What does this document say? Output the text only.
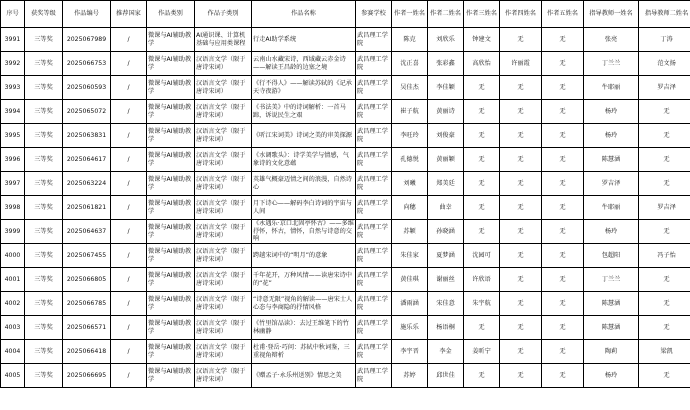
序号	获奖等级	作品编号	推荐国家	作品类别	作品子类别	作品名称	参赛学校	作者一姓名	作者二姓名	作者三姓名	作者四姓名	作者五姓名	指导教师一姓名	指导教师二姓名
3991	三等奖	2025067989	/	微课与AI辅助教学	AI通识课、计算机基础与应用类课程	行走AI助学系统	武昌理工学院	陈克	刘欣乐	钟建文	无	无	张亮	丁涛
3992	三等奖	2025066753	/	微课与AI辅助教学	汉语言文学（限于唐诗宋词）	云南山水藏宋诗，西域藏云赤金诗——解读王昌龄的边塞之境	武昌理工学院	沈正喜	张彩鑫	高欣怡	许丽霞	无	丁兰兰	范文扬
3993	三等奖	2025060593	/	微课与AI辅助教学	汉语言文学（限于唐诗宋词）	《行不得人》——解读苏轼的《记承天寺夜游》	武昌理工学院	吴佳杰	李佳颖	无	无	无	牛耶丽	罗吉泽
3994	三等奖	2025065072	/	微课与AI辅助教学	汉语言文学（限于唐诗宋词）	《书法美》中的诗词解析：一首马蹄，诉说民生之艰	武昌理工学院	崔子航	黄丽诗	无	无	无	杨玲	无
3995	三等奖	2025063831	/	微课与AI辅助教学	汉语言文学（限于唐诗宋词）	《听江宋词美》诗词之美的审美探源	武昌理工学院	李旺玲	刘俊豪	无	无	无	杨玲	无
3996	三等奖	2025064617	/	微课与AI辅助教学	汉语言文学（限于唐诗宋词）	《水调歌头》：诗学美学与情感，气象诗的文化意蕴	武昌理工学院	孔德悦	黄丽颖	无	无	无	陈慧涵	无
3997	三等奖	2025063224	/	微课与AI辅助教学	汉语言文学（限于唐诗宋词）	英雄气概豪迈情之间的浪漫，自然诗心	武昌理工学院	刘曦	郑美廷	无	无	无	罗吉泽	无
3998	三等奖	2025061821	/	微课与AI辅助教学	汉语言文学（限于唐诗宋词）	月下诗心——解码李白诗词的宇宙与人间	武昌理工学院	向穗	曲幸	无	无	无	牛耶丽	罗吉泽
3999	三等奖	2025064637	/	微课与AI辅助教学	汉语言文学（限于唐诗宋词）	《永遇乐·京口北固亭怀古》——多维抒怀，怀古，情怀，自然与诗意的交响	武昌理工学院	苏颖	孙晓涵	无	无	无	杨玲	无
4000	三等奖	2025067455	/	微课与AI辅助教学	汉语言文学（限于唐诗宋词）	跨越宋词中的“明月”的意象	武昌理工学院	朱佳家	夏梦涵	沈园可	无	无	包超阳	冯子怡
4001	三等奖	2025066805	/	微课与AI辅助教学	汉语言文学（限于唐诗宋词）	千年花开，万种风情——读唐宋诗中的“花”	武昌理工学院	黄佳琪	谢丽丝	许欣语	无	无	丁兰兰	无
4002	三等奖	2025066785	/	微课与AI辅助教学	汉语言文学（限于唐诗宋词）	“诗意无限”视角的解读——唐宋士人心态与李商隐的抒情风格	武昌理工学院	潘雨涵	宋佳意	朱宇航	无	无	陈慧涵	无
4003	三等奖	2025066571	/	微课与AI辅助教学	汉语言文学（限于唐诗宋词）	《竹里馆品读》：去过王维笔下的竹林幽静	武昌理工学院	施乐乐	杨语桐	无	无	无	陈慧涵	无
4004	三等奖	2025066418	/	微课与AI辅助教学	汉语言文学（限于唐诗宋词）	杜甫·登岳·巧问：苏轼中秋词鉴，三重视角辩析	武昌理工学院	李宇晋	李金	姜昕宁	无	无	陶莉	梁凯
4005	三等奖	2025066695	/	微课与AI辅助教学	汉语言文学（限于唐诗宋词）	《赠孟子·永乐州送别》情思之美	武昌理工学院	苏婷	邱世佳	无	无	无	杨玲	无
